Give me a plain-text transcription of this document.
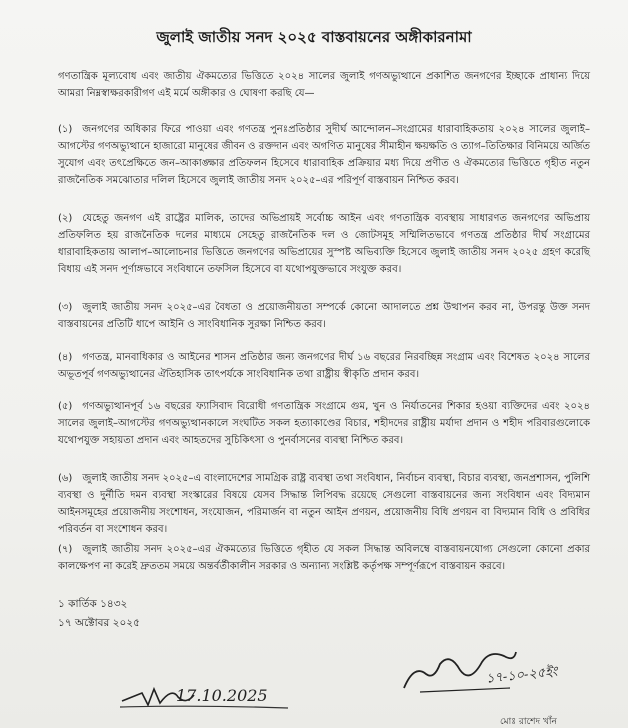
জুলাই জাতীয় সনদ ২০২৫ বাস্তবায়নের অঙ্গীকারনামা

গণতান্ত্রিক মূল্যবোধ এবং জাতীয় ঐকমত্যের ভিত্তিতে ২০২৪ সালের জুলাই গণঅভ্যুত্থানে প্রকাশিত জনগণের ইচ্ছাকে প্রাধান্য দিয়ে আমরা নিম্নস্বাক্ষরকারীগণ এই মর্মে অঙ্গীকার ও ঘোষণা করছি যে—

(১) জনগণের অধিকার ফিরে পাওয়া এবং গণতন্ত্র পুনঃপ্রতিষ্ঠার সুদীর্ঘ আন্দোলন–সংগ্রামের ধারাবাহিকতায় ২০২৪ সালের জুলাই–আগস্টের গণঅভ্যুত্থানে হাজারো মানুষের জীবন ও রক্তদান এবং অগণিত মানুষের সীমাহীন ক্ষয়ক্ষতি ও ত্যাগ–তিতিক্ষার বিনিময়ে অর্জিত সুযোগ এবং তৎপ্রেক্ষিতে জন–আকাঙ্ক্ষার প্রতিফলন হিসেবে ধারাবাহিক প্রক্রিয়ার মধ্য দিয়ে প্রণীত ও ঐকমত্যের ভিত্তিতে গৃহীত নতুন রাজনৈতিক সমঝোতার দলিল হিসেবে জুলাই জাতীয় সনদ ২০২৫–এর পরিপূর্ণ বাস্তবায়ন নিশ্চিত করব।

(২) যেহেতু জনগণ এই রাষ্ট্রের মালিক, তাদের অভিপ্রায়ই সর্বোচ্চ আইন এবং গণতান্ত্রিক ব্যবস্থায় সাধারণত জনগণের অভিপ্রায় প্রতিফলিত হয় রাজনৈতিক দলের মাধ্যমে সেহেতু রাজনৈতিক দল ও জোটসমূহ সম্মিলিতভাবে গণতন্ত্র প্রতিষ্ঠার দীর্ঘ সংগ্রামের ধারাবাহিকতায় আলাপ–আলোচনার ভিত্তিতে জনগণের অভিপ্রায়ের সুস্পষ্ট অভিব্যক্তি হিসেবে জুলাই জাতীয় সনদ ২০২৫ গ্রহণ করেছি বিধায় এই সনদ পূর্ণাঙ্গভাবে সংবিধানে তফসিল হিসেবে বা যথোপযুক্তভাবে সংযুক্ত করব।

(৩) জুলাই জাতীয় সনদ ২০২৫–এর বৈধতা ও প্রয়োজনীয়তা সম্পর্কে কোনো আদালতে প্রশ্ন উত্থাপন করব না, উপরন্তু উক্ত সনদ বাস্তবায়নের প্রতিটি ধাপে আইনি ও সাংবিধানিক সুরক্ষা নিশ্চিত করব।

(৪) গণতন্ত্র, মানবাধিকার ও আইনের শাসন প্রতিষ্ঠার জন্য জনগণের দীর্ঘ ১৬ বছরের নিরবচ্ছিন্ন সংগ্রাম এবং বিশেষত ২০২৪ সালের অভূতপূর্ব গণঅভ্যুত্থানের ঐতিহাসিক তাৎপর্যকে সাংবিধানিক তথা রাষ্ট্রীয় স্বীকৃতি প্রদান করব।

(৫) গণঅভ্যুত্থানপূর্ব ১৬ বছরের ফ্যাসিবাদ বিরোধী গণতান্ত্রিক সংগ্রামে গুম, খুন ও নির্যাতনের শিকার হওয়া ব্যক্তিদের এবং ২০২৪ সালের জুলাই–আগস্টের গণঅভ্যুত্থানকালে সংঘটিত সকল হত্যাকাণ্ডের বিচার, শহীদদের রাষ্ট্রীয় মর্যাদা প্রদান ও শহীদ পরিবারগুলোকে যথোপযুক্ত সহায়তা প্রদান এবং আহতদের সুচিকিৎসা ও পুনর্বাসনের ব্যবস্থা নিশ্চিত করব।

(৬) জুলাই জাতীয় সনদ ২০২৫–এ বাংলাদেশের সামগ্রিক রাষ্ট্র ব্যবস্থা তথা সংবিধান, নির্বাচন ব্যবস্থা, বিচার ব্যবস্থা, জনপ্রশাসন, পুলিশি ব্যবস্থা ও দুর্নীতি দমন ব্যবস্থা সংস্কারের বিষয়ে যেসব সিদ্ধান্ত লিপিবদ্ধ রয়েছে সেগুলো বাস্তবায়নের জন্য সংবিধান এবং বিদ্যমান আইনসমূহের প্রয়োজনীয় সংশোধন, সংযোজন, পরিমার্জন বা নতুন আইন প্রণয়ন, প্রয়োজনীয় বিধি প্রণয়ন বা বিদ্যমান বিধি ও প্রবিধির পরিবর্তন বা সংশোধন করব।

(৭) জুলাই জাতীয় সনদ ২০২৫–এর ঐকমত্যের ভিত্তিতে গৃহীত যে সকল সিদ্ধান্ত অবিলম্বে বাস্তবায়নযোগ্য সেগুলো কোনো প্রকার কালক্ষেপণ না করেই দ্রুততম সময়ে অন্তর্বর্তীকালীন সরকার ও অন্যান্য সংশ্লিষ্ট কর্তৃপক্ষ সম্পূর্ণরূপে বাস্তবায়ন করবে।

১ কার্তিক ১৪৩২
১৭ অক্টোবর ২০২৫
17.10.2025
১৭-১০-২৫ইং
মোঃ রাশেদ খাঁন
